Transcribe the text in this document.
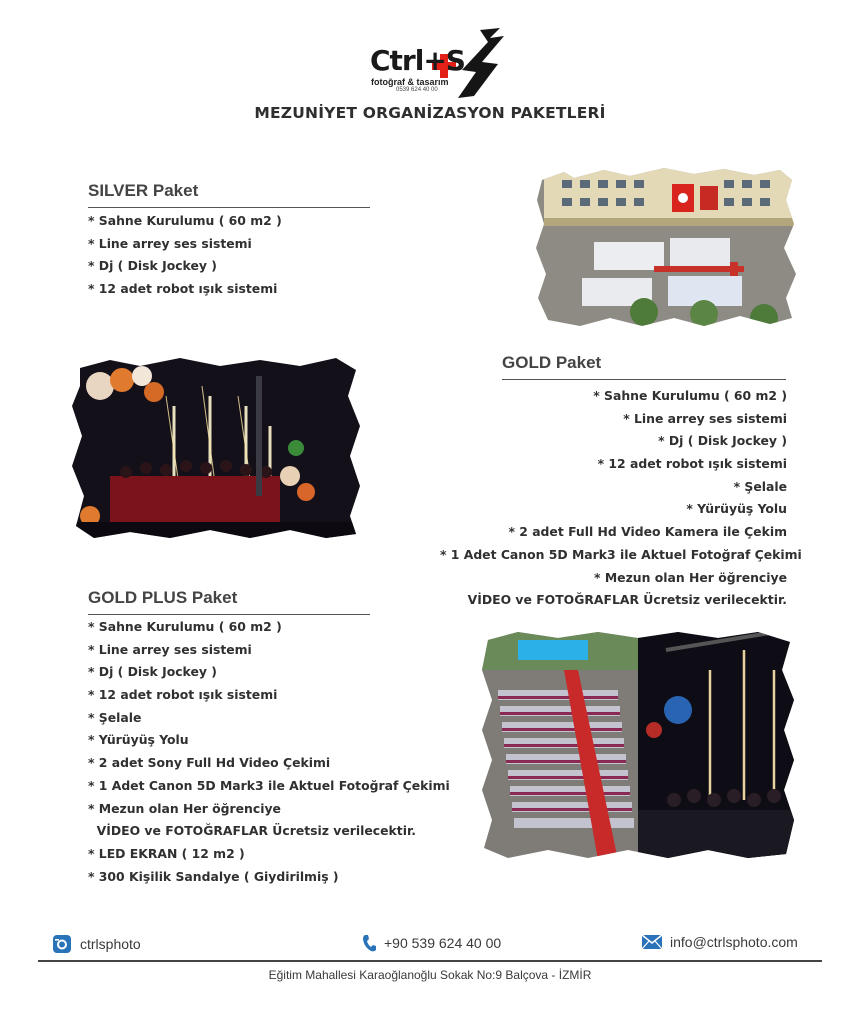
Ctrl+S
fotoğraf & tasarım
0539 624 40 00
MEZUNİYET ORGANİZASYON PAKETLERİ
SILVER Paket
* Sahne Kurulumu ( 60 m2 )
* Line arrey ses sistemi
* Dj ( Disk Jockey )
* 12 adet robot ışık sistemi
GOLD Paket
* Sahne Kurulumu ( 60 m2 )
* Line arrey ses sistemi
* Dj ( Disk Jockey )
* 12 adet robot ışık sistemi
* Şelale
* Yürüyüş Yolu
* 2 adet Full Hd Video Kamera ile Çekim
* 1 Adet Canon 5D Mark3 ile Aktuel Fotoğraf Çekimi
* Mezun olan Her öğrenciye
VİDEO ve FOTOĞRAFLAR Ücretsiz verilecektir.
GOLD PLUS Paket
* Sahne Kurulumu ( 60 m2 )
* Line arrey ses sistemi
* Dj ( Disk Jockey )
* 12 adet robot ışık sistemi
* Şelale
* Yürüyüş Yolu
* 2 adet Sony Full Hd Video Çekimi
* 1 Adet Canon 5D Mark3 ile Aktuel Fotoğraf Çekimi
* Mezun olan Her öğrenciye
VİDEO ve FOTOĞRAFLAR Ücretsiz verilecektir.
* LED EKRAN ( 12 m2 )
* 300 Kişilik Sandalye ( Giydirilmiş )
ctrlsphoto	+90 539 624 40 00	info@ctrlsphoto.com
Eğitim Mahallesi Karaoğlanoğlu Sokak No:9 Balçova - İZMİR
